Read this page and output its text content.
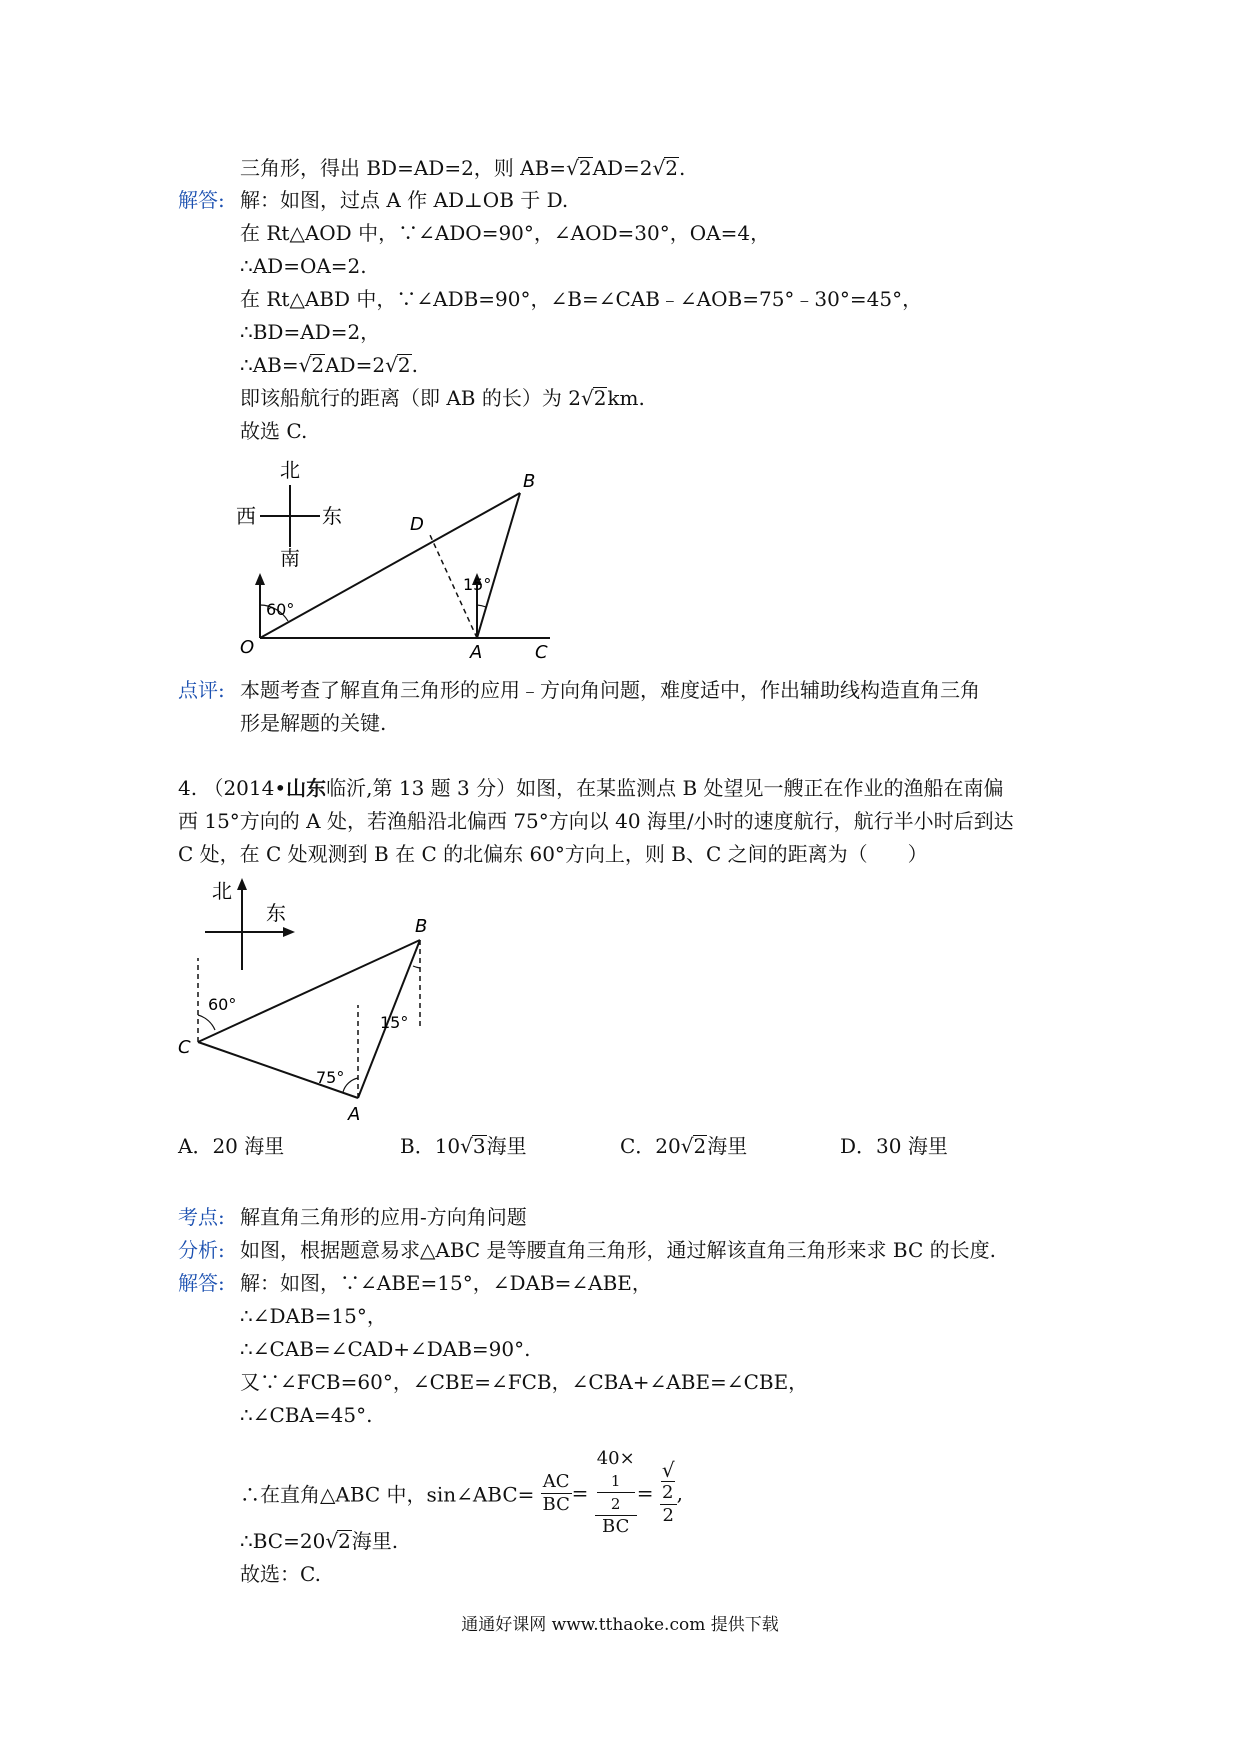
三角形，得出 BD=AD=2，则 AB=√2AD=2√2.
解答: 解：如图，过点 A 作 AD⊥OB 于 D.
在 Rt△AOD 中，∵∠ADO=90°，∠AOD=30°，OA=4，
∴AD=OA=2.
在 Rt△ABD 中，∵∠ADB=90°，∠B=∠CAB﹣∠AOB=75°﹣30°=45°，
∴BD=AD=2，
∴AB=√2AD=2√2.
即该船航行的距离（即 AB 的长）为 2√2km.
故选 C.
北
西	东
南
60°
15°
O	A	C
B
D
点评: 本题考查了解直角三角形的应用﹣方向角问题，难度适中，作出辅助线构造直角三角
形是解题的关键.
4. （2014•山东临沂,第 13 题 3 分）如图，在某监测点 B 处望见一艘正在作业的渔船在南偏
西 15°方向的 A 处，若渔船沿北偏西 75°方向以 40 海里/小时的速度航行，航行半小时后到达
C 处，在 C 处观测到 B 在 C 的北偏东 60°方向上，则 B、C 之间的距离为（　　）
北
东
60°
15°
75°
C
B
A
A．20 海里	B．10√3海里	C．20√2海里	D．30 海里
考点: 解直角三角形的应用-方向角问题
分析: 如图，根据题意易求△ABC 是等腰直角三角形，通过解该直角三角形来求 BC 的长度.
解答: 解：如图，∵∠ABE=15°，∠DAB=∠ABE，
∴∠DAB=15°，
∴∠CAB=∠CAD+∠DAB=90°.
又∵∠FCB=60°，∠CBE=∠FCB，∠CBA+∠ABE=∠CBE，
∴∠CBA=45°.
∴在直角△ABC 中，sin∠ABC= $\frac{AC}{BC} = 40\times$
1
2
BC = √
2
2 ,
∴BC=20√2海里.
故选：C.
通通好课网 www.tthaoke.com 提供下载
